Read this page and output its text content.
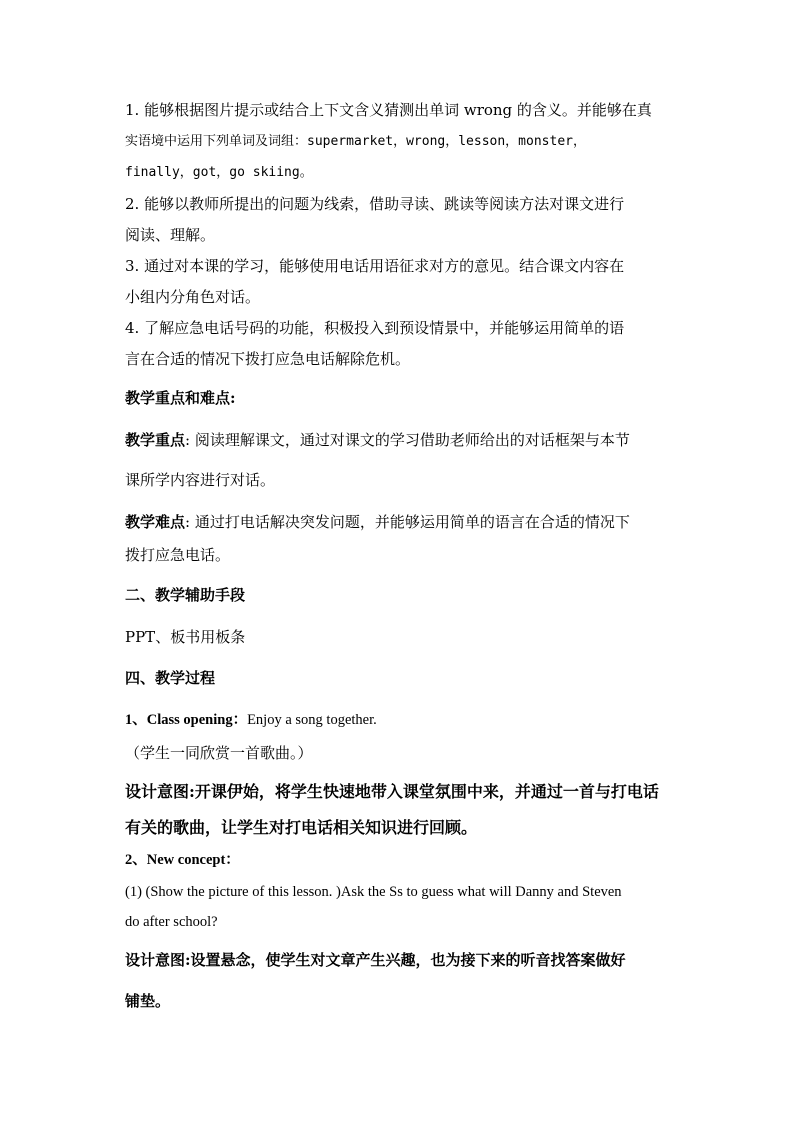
1. 能够根据图片提示或结合上下文含义猜测出单词 wrong 的含义。并能够在真
实语境中运用下列单词及词组：supermarket，wrong，lesson，monster，
finally，got，go skiing。
2. 能够以教师所提出的问题为线索，借助寻读、跳读等阅读方法对课文进行
阅读、理解。
3. 通过对本课的学习，能够使用电话用语征求对方的意见。结合课文内容在
小组内分角色对话。
4. 了解应急电话号码的功能，积极投入到预设情景中，并能够运用简单的语
言在合适的情况下拨打应急电话解除危机。
教学重点和难点:
教学重点: 阅读理解课文，通过对课文的学习借助老师给出的对话框架与本节
课所学内容进行对话。
教学难点: 通过打电话解决突发问题，并能够运用简单的语言在合适的情况下
拨打应急电话。
二、教学辅助手段
PPT、板书用板条
四、教学过程
1、Class opening：Enjoy a song together.
（学生一同欣赏一首歌曲。）
设计意图:开课伊始，将学生快速地带入课堂氛围中来，并通过一首与打电话
有关的歌曲，让学生对打电话相关知识进行回顾。
2、New concept：
(1) (Show the picture of this lesson. )Ask the Ss to guess what will Danny and Steven
do after school?
设计意图:设置悬念，使学生对文章产生兴趣，也为接下来的听音找答案做好
铺垫。
